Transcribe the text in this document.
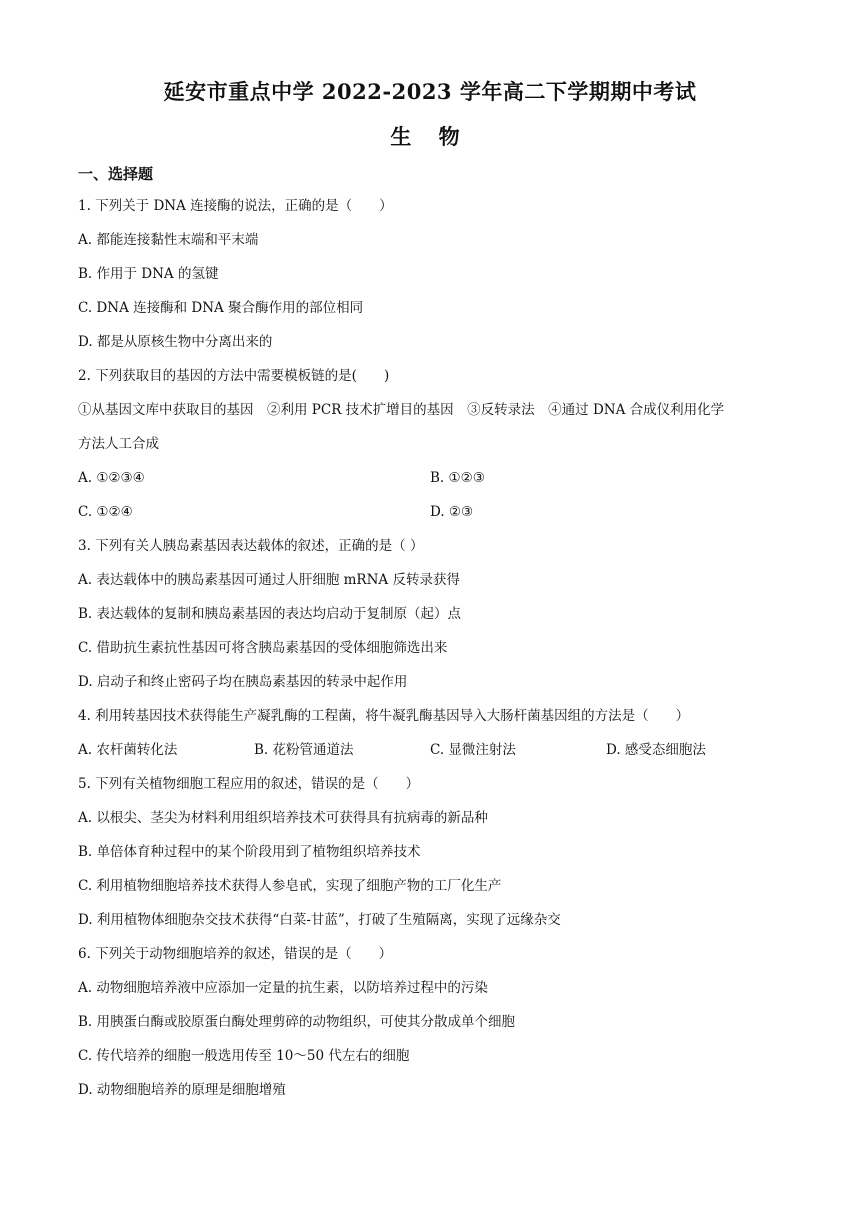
延安市重点中学 2022-2023 学年高二下学期期中考试
生 物
一、选择题
1. 下列关于 DNA 连接酶的说法，正确的是（　　）
A. 都能连接黏性末端和平末端
B. 作用于 DNA 的氢键
C. DNA 连接酶和 DNA 聚合酶作用的部位相同
D. 都是从原核生物中分离出来的
2. 下列获取目的基因的方法中需要模板链的是(　　)
①从基因文库中获取目的基因　②利用 PCR 技术扩增目的基因　③反转录法　④通过 DNA 合成仪利用化学
方法人工合成
A. ①②③④	B. ①②③
C. ①②④	D. ②③
3. 下列有关人胰岛素基因表达载体的叙述，正确的是（ ）
A. 表达载体中的胰岛素基因可通过人肝细胞 mRNA 反转录获得
B. 表达载体的复制和胰岛素基因的表达均启动于复制原（起）点
C. 借助抗生素抗性基因可将含胰岛素基因的受体细胞筛选出来
D. 启动子和终止密码子均在胰岛素基因的转录中起作用
4. 利用转基因技术获得能生产凝乳酶的工程菌，将牛凝乳酶基因导入大肠杆菌基因组的方法是（　　）
A. 农杆菌转化法	B. 花粉管通道法	C. 显微注射法	D. 感受态细胞法
5. 下列有关植物细胞工程应用的叙述，错误的是（　　）
A. 以根尖、茎尖为材料利用组织培养技术可获得具有抗病毒的新品种
B. 单倍体育种过程中的某个阶段用到了植物组织培养技术
C. 利用植物细胞培养技术获得人参皂甙，实现了细胞产物的工厂化生产
D. 利用植物体细胞杂交技术获得“白菜-甘蓝”，打破了生殖隔离，实现了远缘杂交
6. 下列关于动物细胞培养的叙述，错误的是（　　）
A. 动物细胞培养液中应添加一定量的抗生素，以防培养过程中的污染
B. 用胰蛋白酶或胶原蛋白酶处理剪碎的动物组织，可使其分散成单个细胞
C. 传代培养的细胞一般选用传至 10～50 代左右的细胞
D. 动物细胞培养的原理是细胞增殖
